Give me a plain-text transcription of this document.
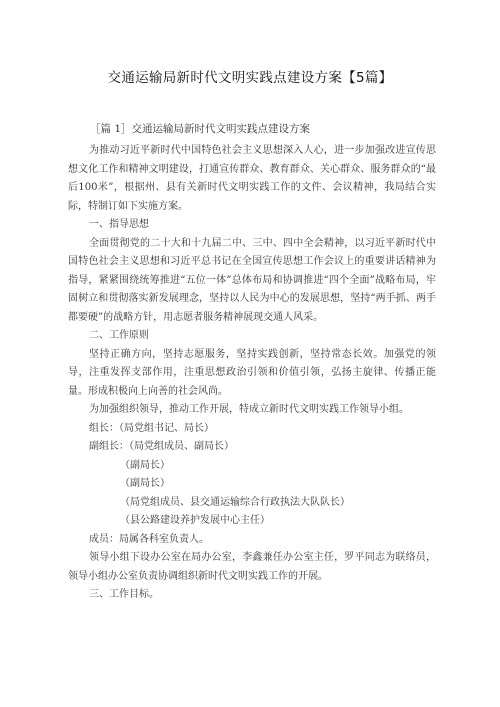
交通运输局新时代文明实践点建设方案【5篇】
［篇 1］交通运输局新时代文明实践点建设方案

为推动习近平新时代中国特色社会主义思想深入人心，进一步加强改进宣传思想文化工作和精神文明建设，打通宣传群众、教育群众、关心群众、服务群众的“最后100米”，根据州、县有关新时代文明实践工作的文件、会议精神，我局结合实际，特制订如下实施方案。

一、指导思想

全面贯彻党的二十大和十九届二中、三中、四中全会精神，以习近平新时代中国特色社会主义思想和习近平总书记在全国宣传思想工作会议上的重要讲话精神为指导，紧紧围绕统筹推进“五位一体”总体布局和协调推进“四个全面”战略布局，牢固树立和贯彻落实新发展理念，坚持以人民为中心的发展思想，坚持“两手抓、两手都要硬”的战略方针，用志愿者服务精神展现交通人风采。

二、工作原则

坚持正确方向，坚持志愿服务，坚持实践创新，坚持常态长效。加强党的领导，注重发挥支部作用，注重思想政治引领和价值引领，弘扬主旋律、传播正能量。形成积极向上向善的社会风尚。

为加强组织领导，推动工作开展，特成立新时代文明实践工作领导小组。

组长：（局党组书记、局长）
副组长：（局党组成员、副局长）
（副局长）
（副局长）
（局党组成员、县交通运输综合行政执法大队队长）
（县公路建设养护发展中心主任）
成员：局属各科室负责人。

领导小组下设办公室在局办公室，李鑫兼任办公室主任，罗平同志为联络员，领导小组办公室负责协调组织新时代文明实践工作的开展。

三、工作目标。
